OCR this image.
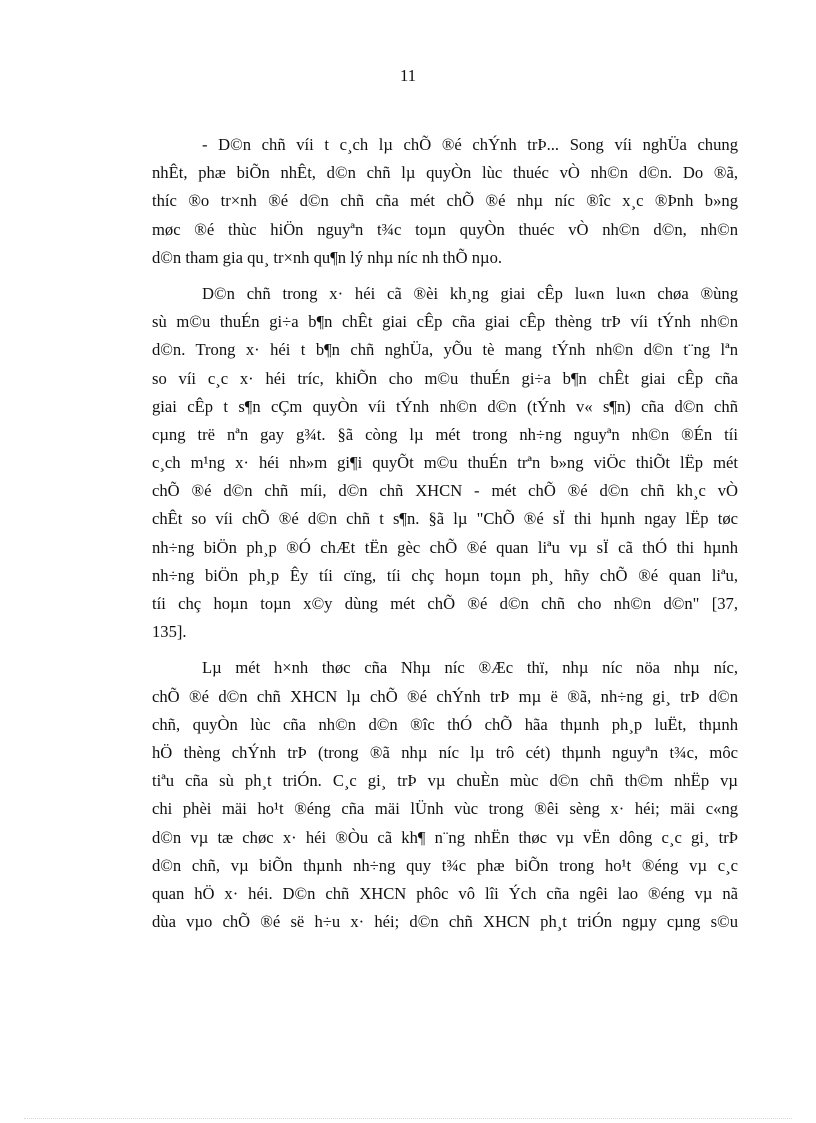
11
- D©n chñ víi t c¸ch lµ chÕ ®é chÝnh trÞ... Song víi nghÜa chung
nhÊt, phæ biÕn nhÊt, d©n chñ lµ quyÒn lùc thuéc vÒ nh©n d©n. Do ®ã,
thíc ®o tr×nh ®é d©n chñ cña mét chÕ ®é nhµ níc ®îc x¸c ®Þnh b»ng
møc ®é thùc hiÖn nguyªn t¾c toµn quyÒn thuéc vÒ nh©n d©n, nh©n
d©n tham gia qu¸ tr×nh qu¶n lý nhµ níc nh thÕ nµo.
D©n chñ trong x· héi cã ®èi kh¸ng giai cÊp lu«n lu«n chøa ®ùng
sù m©u thuÉn gi÷a b¶n chÊt giai cÊp cña giai cÊp thèng trÞ víi tÝnh nh©n
d©n. Trong x· héi t b¶n chñ nghÜa, yÕu tè mang tÝnh nh©n d©n t¨ng lªn
so víi c¸c x· héi tríc, khiÕn cho m©u thuÉn gi÷a b¶n chÊt giai cÊp cña
giai cÊp t s¶n cÇm quyÒn víi tÝnh nh©n d©n (tÝnh v« s¶n) cña d©n chñ
cµng trë nªn gay g¾t. §ã còng lµ mét trong nh÷ng nguyªn nh©n ®Én tíi
c¸ch m¹ng x· héi nh»m gi¶i quyÕt m©u thuÉn trªn b»ng viÖc thiÕt lËp mét
chÕ ®é d©n chñ míi, d©n chñ XHCN - mét chÕ ®é d©n chñ kh¸c vÒ
chÊt so víi chÕ ®é d©n chñ t s¶n. §ã lµ "ChÕ ®é sÏ thi hµnh ngay lËp tøc
nh÷ng biÖn ph¸p ®Ó chÆt tËn gèc chÕ ®é quan liªu vµ sÏ cã thÓ thi hµnh
nh÷ng biÖn ph¸p Êy tíi cïng, tíi chç hoµn toµn ph¸ hñy chÕ ®é quan liªu,
tíi chç hoµn toµn x©y dùng mét chÕ ®é d©n chñ cho nh©n d©n" [37,
135].
Lµ mét h×nh thøc cña Nhµ níc ®Æc thï, nhµ níc nöa nhµ níc,
chÕ ®é d©n chñ XHCN lµ chÕ ®é chÝnh trÞ mµ ë ®ã, nh÷ng gi¸ trÞ d©n
chñ, quyÒn lùc cña nh©n d©n ®îc thÓ chÕ hãa thµnh ph¸p luËt, thµnh
hÖ thèng chÝnh trÞ (trong ®ã nhµ níc lµ trô cét) thµnh nguyªn t¾c, môc
tiªu cña sù ph¸t triÓn. C¸c gi¸ trÞ vµ chuÈn mùc d©n chñ th©m nhËp vµ
chi phèi mäi ho¹t ®éng cña mäi lÜnh vùc trong ®êi sèng x· héi; mäi c«ng
d©n vµ tæ chøc x· héi ®Òu cã kh¶ n¨ng nhËn thøc vµ vËn dông c¸c gi¸ trÞ
d©n chñ, vµ biÕn thµnh nh÷ng quy t¾c phæ biÕn trong ho¹t ®éng vµ c¸c
quan hÖ x· héi. D©n chñ XHCN phôc vô lîi Ých cña ngêi lao ®éng vµ nã
dùa vµo chÕ ®é së h÷u x· héi; d©n chñ XHCN ph¸t triÓn ngµy cµng s©u
